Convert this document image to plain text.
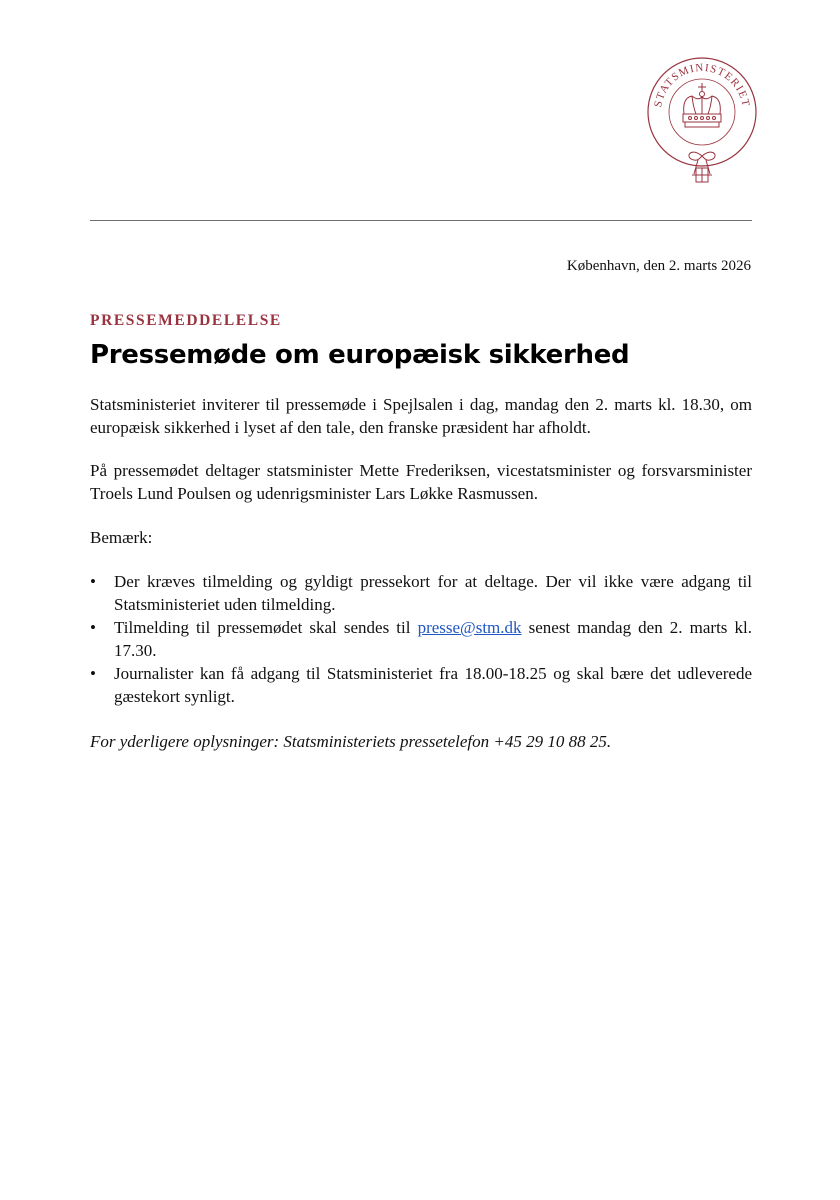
STATSMINISTERIET
København, den 2. marts 2026
PRESSEMEDDELELSE
Pressemøde om europæisk sikkerhed

Statsministeriet inviterer til pressemøde i Spejlsalen i dag, mandag den 2. marts kl. 18.30, om europæisk sikkerhed i lyset af den tale, den franske præsident har afholdt.

På pressemødet deltager statsminister Mette Frederiksen, vicestatsminister og forsvarsminister Troels Lund Poulsen og udenrigsminister Lars Løkke Rasmussen.

Bemærk:

• Der kræves tilmelding og gyldigt pressekort for at deltage. Der vil ikke være adgang til Statsministeriet uden tilmelding.
• Tilmelding til pressemødet skal sendes til presse@stm.dk senest mandag den 2. marts kl. 17.30.
• Journalister kan få adgang til Statsministeriet fra 18.00-18.25 og skal bære det udleverede gæstekort synligt.

For yderligere oplysninger: Statsministeriets pressetelefon +45 29 10 88 25.
